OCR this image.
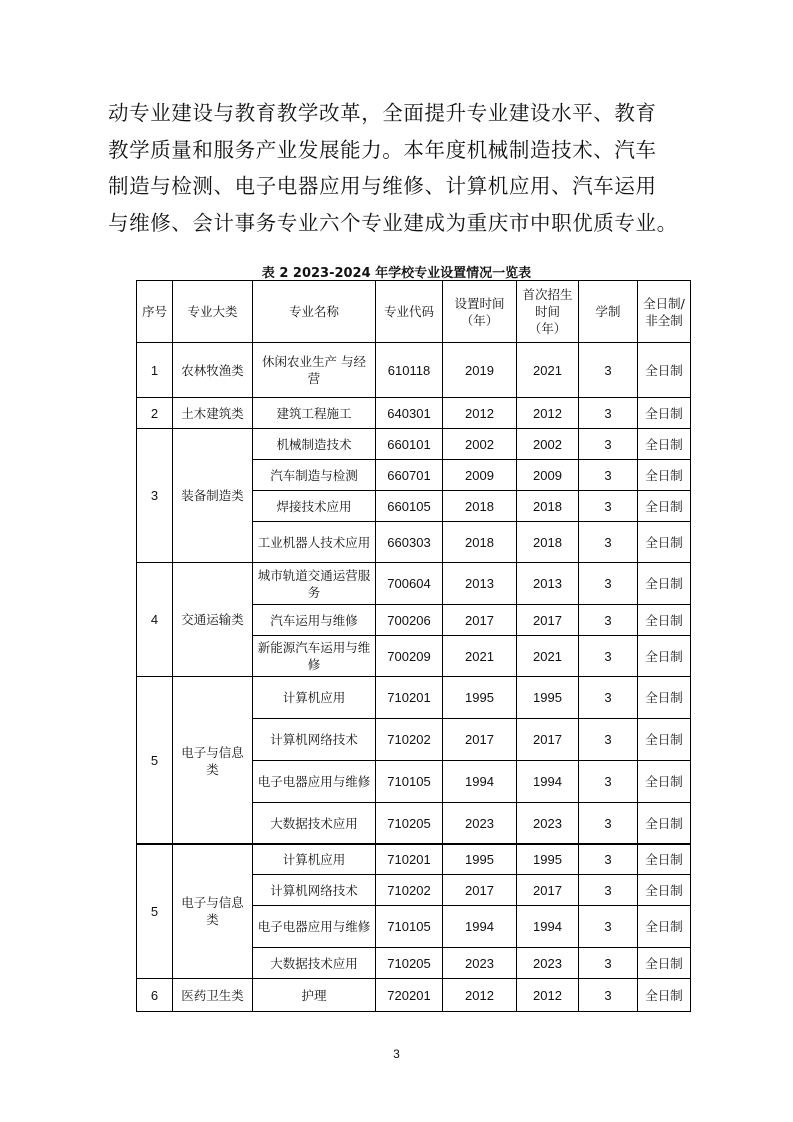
动专业建设与教育教学改革，全面提升专业建设水平、教育
教学质量和服务产业发展能力。本年度机械制造技术、汽车
制造与检测、电子电器应用与维修、计算机应用、汽车运用
与维修、会计事务专业六个专业建成为重庆市中职优质专业。
表 2 2023-2024 年学校专业设置情况一览表
序号	专业大类	专业名称	专业代码	设置时间（年）	首次招生时间（年）	学制	全日制/非全制
1	农林牧渔类	休闲农业生产 与经营	610118	2019	2021	3	全日制
2	土木建筑类	建筑工程施工	640301	2012	2012	3	全日制
3	装备制造类	机械制造技术	660101	2002	2002	3	全日制
		汽车制造与检测	660701	2009	2009	3	全日制
		焊接技术应用	660105	2018	2018	3	全日制
		工业机器人技术应用	660303	2018	2018	3	全日制
4	交通运输类	城市轨道交通运营服务	700604	2013	2013	3	全日制
		汽车运用与维修	700206	2017	2017	3	全日制
		新能源汽车运用与维修	700209	2021	2021	3	全日制
5	电子与信息类	计算机应用	710201	1995	1995	3	全日制
		计算机网络技术	710202	2017	2017	3	全日制
		电子电器应用与维修	710105	1994	1994	3	全日制
		大数据技术应用	710205	2023	2023	3	全日制
5	电子与信息类	计算机应用	710201	1995	1995	3	全日制
		计算机网络技术	710202	2017	2017	3	全日制
		电子电器应用与维修	710105	1994	1994	3	全日制
		大数据技术应用	710205	2023	2023	3	全日制
6	医药卫生类	护理	720201	2012	2012	3	全日制
3
